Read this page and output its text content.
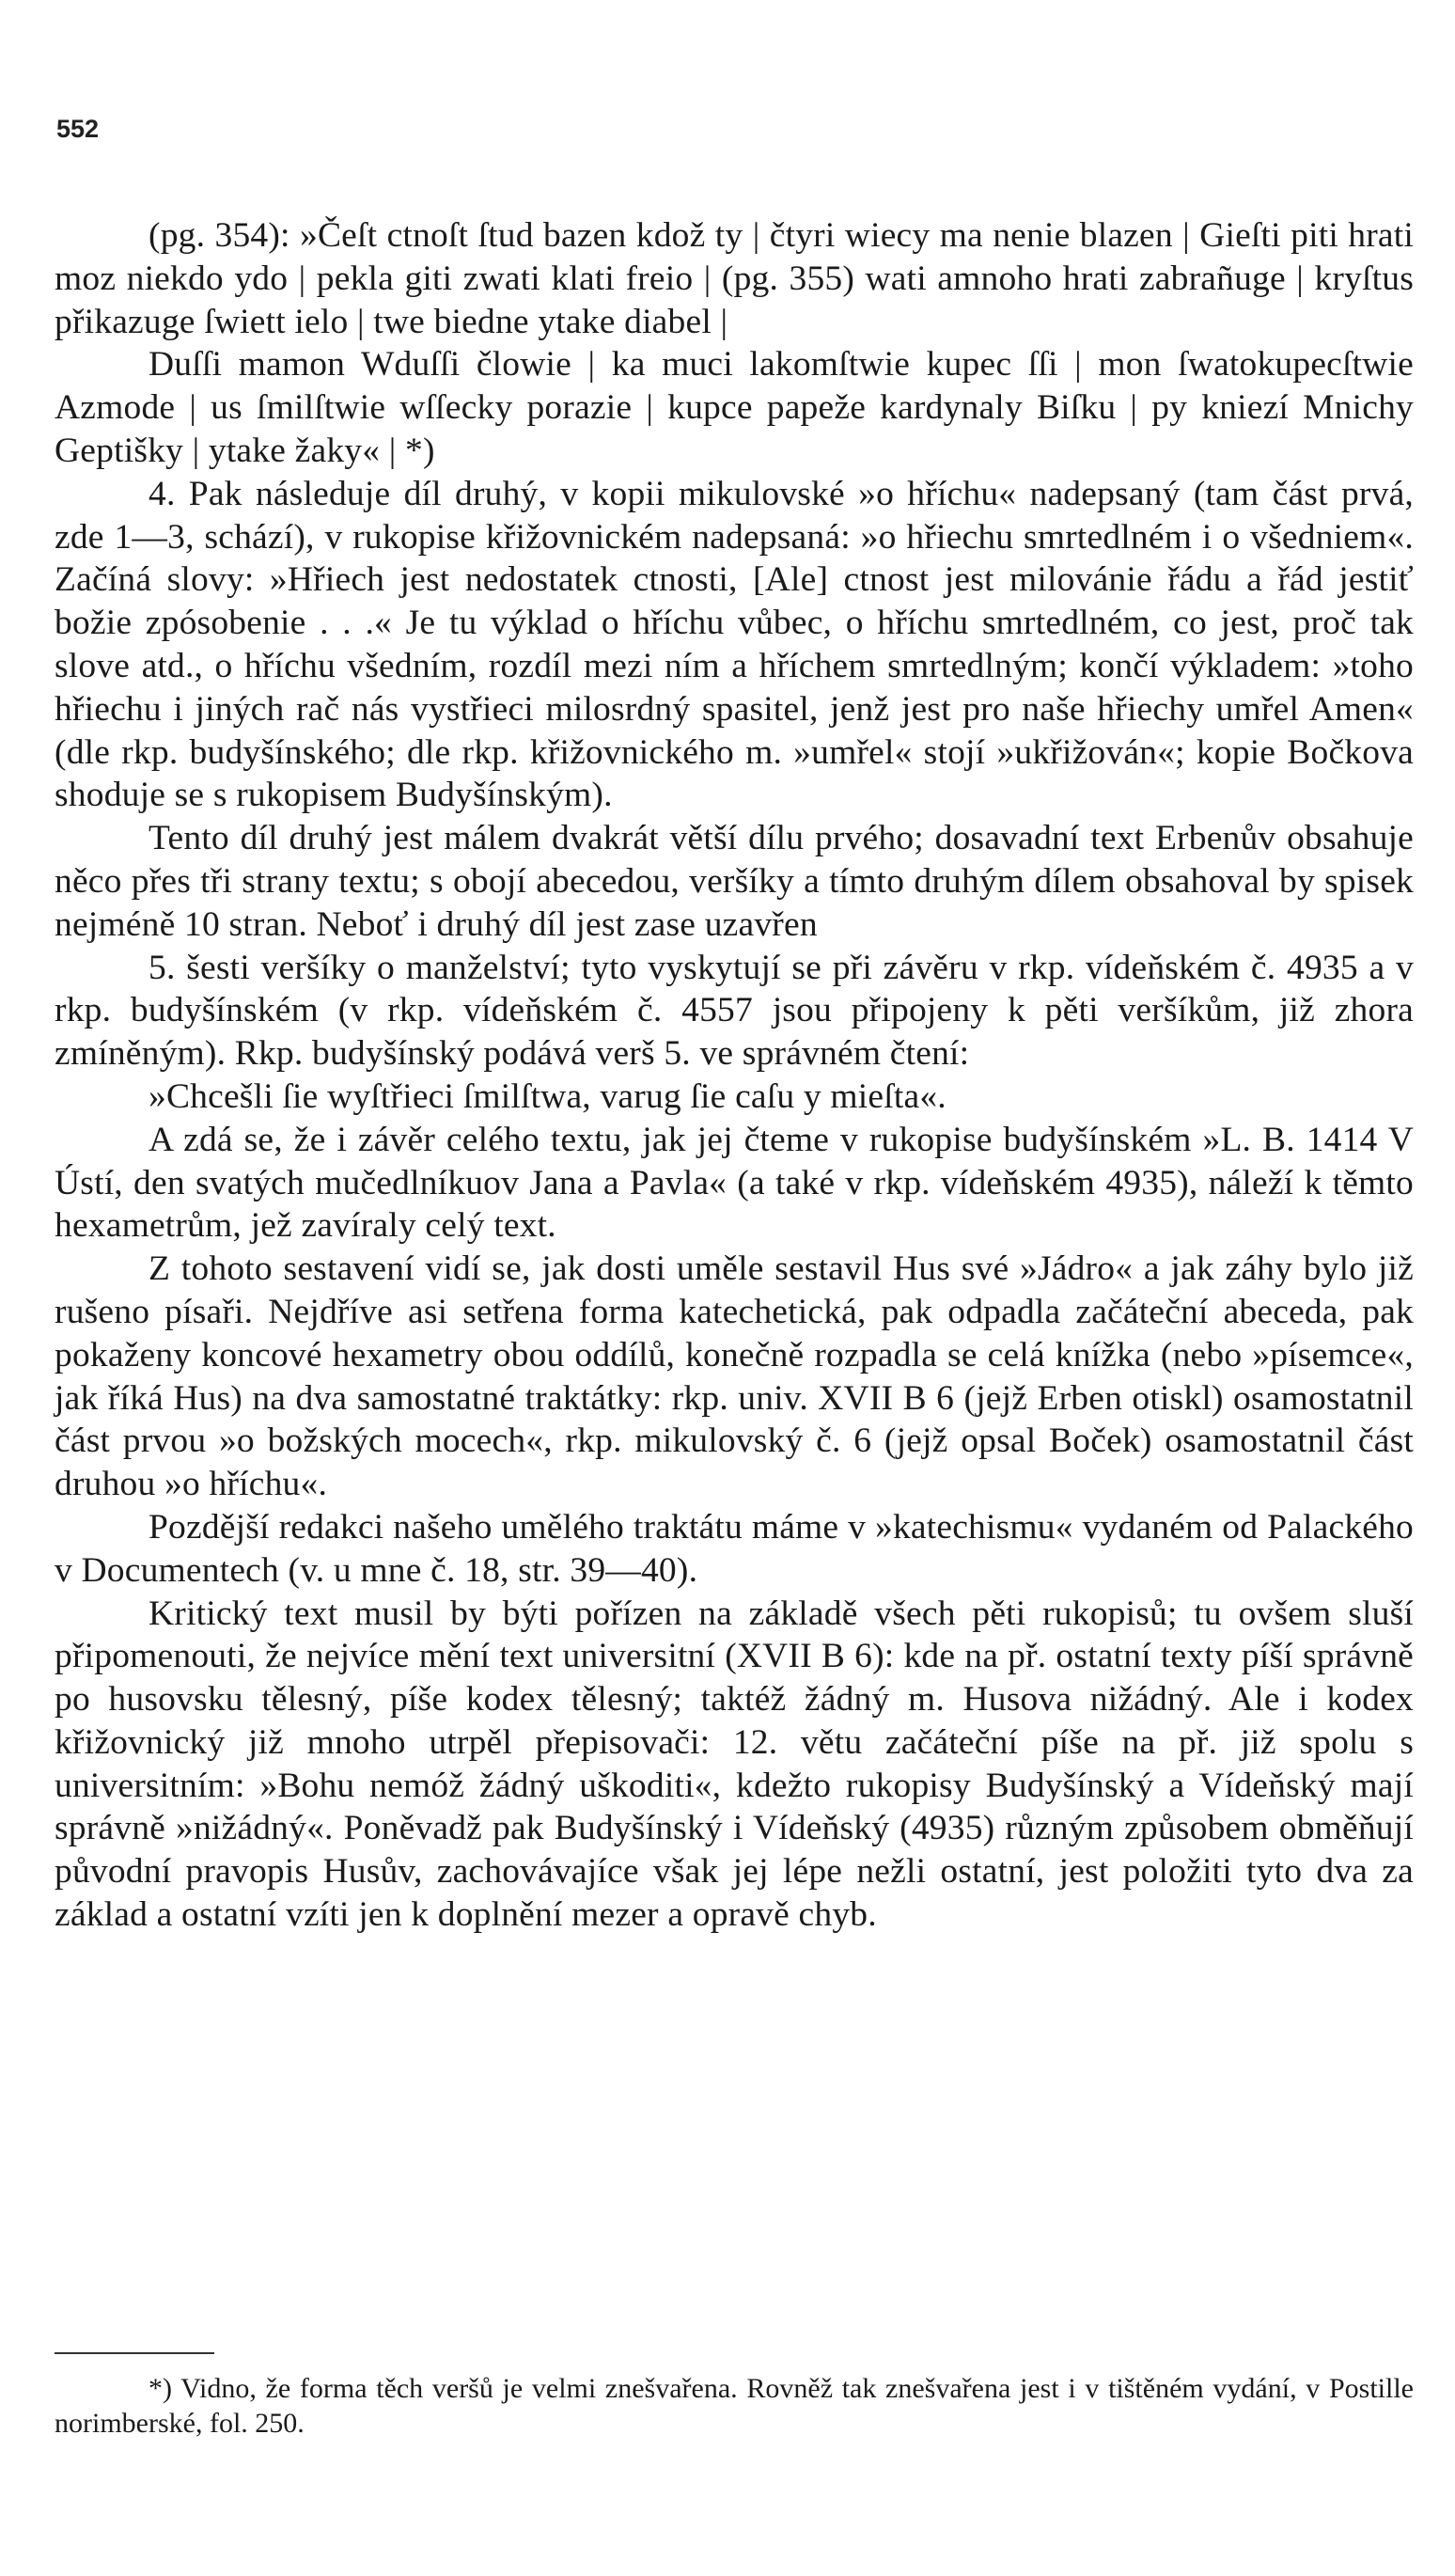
552

(pg. 354): »Čeſt ctnoſt ſtud bazen kdož ty | čtyri wiecy ma nenie blazen | Gieſti piti hrati moz niekdo ydo | pekla giti zwati klati freio | (pg. 355) wati amnoho hrati zabrañuge | kryſtus přikazuge ſwiett ielo | twe biedne ytake diabel |

Duſſi mamon Wduſſi člowie | ka muci lakomſtwie kupec ſſi | mon ſwatokupecſtwie Azmode | us ſmilſtwie wſſecky porazie | kupce papeže kardynaly Biſku | py kniezí Mnichy Geptišky | ytake žaky« | *)

4. Pak následuje díl druhý, v kopii mikulovské »o hříchu« nadepsaný (tam část prvá, zde 1—3, schází), v rukopise křižovnickém nadepsaná: »o hřiechu smrtedlném i o všedniem«. Začíná slovy: »Hřiech jest nedostatek ctnosti, [Ale] ctnost jest milovánie řádu a řád jestiť božie zpósobenie . . .« Je tu výklad o hříchu vůbec, o hříchu smrtedlném, co jest, proč tak slove atd., o hříchu všedním, rozdíl mezi ním a hříchem smrtedlným; končí výkladem: »toho hřiechu i jiných rač nás vystřieci milosrdný spasitel, jenž jest pro naše hřiechy umřel Amen« (dle rkp. budyšínského; dle rkp. křižovnického m. »umřel« stojí »ukřižován«; kopie Bočkova shoduje se s rukopisem Budyšínským).

Tento díl druhý jest málem dvakrát větší dílu prvého; dosavadní text Erbenův obsahuje něco přes tři strany textu; s obojí abecedou, veršíky a tímto druhým dílem obsahoval by spisek nejméně 10 stran. Neboť i druhý díl jest zase uzavřen

5. šesti veršíky o manželství; tyto vyskytují se při závěru v rkp. vídeňském č. 4935 a v rkp. budyšínském (v rkp. vídeňském č. 4557 jsou připojeny k pěti veršíkům, již zhora zmíněným). Rkp. budyšínský podává verš 5. ve správném čtení:

»Chcešli ſie wyſtřieci ſmilſtwa, varug ſie caſu y mieſta«.

A zdá se, že i závěr celého textu, jak jej čteme v rukopise budyšínském »L. B. 1414 V Ústí, den svatých mučedlníkuov Jana a Pavla« (a také v rkp. vídeňském 4935), náleží k těmto hexametrům, jež zavíraly celý text.

Z tohoto sestavení vidí se, jak dosti uměle sestavil Hus své »Jádro« a jak záhy bylo již rušeno písaři. Nejdříve asi setřena forma katechetická, pak odpadla začáteční abeceda, pak pokaženy koncové hexametry obou oddílů, konečně rozpadla se celá knížka (nebo »písemce«, jak říká Hus) na dva samostatné traktátky: rkp. univ. XVII B 6 (jejž Erben otiskl) osamostatnil část prvou »o božských mocech«, rkp. mikulovský č. 6 (jejž opsal Boček) osamostatnil část druhou »o hříchu«.

Pozdější redakci našeho umělého traktátu máme v »katechismu« vydaném od Palackého v Documentech (v. u mne č. 18, str. 39—40).

Kritický text musil by býti pořízen na základě všech pěti rukopisů; tu ovšem sluší připomenouti, že nejvíce mění text universitní (XVII B 6): kde na př. ostatní texty píší správně po husovsku tělesný, píše kodex tělesný; taktéž žádný m. Husova nižádný. Ale i kodex křižovnický již mnoho utrpěl přepisovači: 12. větu začáteční píše na př. již spolu s universitním: »Bohu nemóž žádný uškoditi«, kdežto rukopisy Budyšínský a Vídeňský mají správně »nižádný«. Poněvadž pak Budyšínský i Vídeňský (4935) různým způsobem obměňují původní pravopis Husův, zachovávajíce však jej lépe nežli ostatní, jest položiti tyto dva za základ a ostatní vzíti jen k doplnění mezer a opravě chyb.

*) Vidno, že forma těch veršů je velmi znešvařena. Rovněž tak znešvařena jest i v tištěném vydání, v Postille norimberské, fol. 250.
